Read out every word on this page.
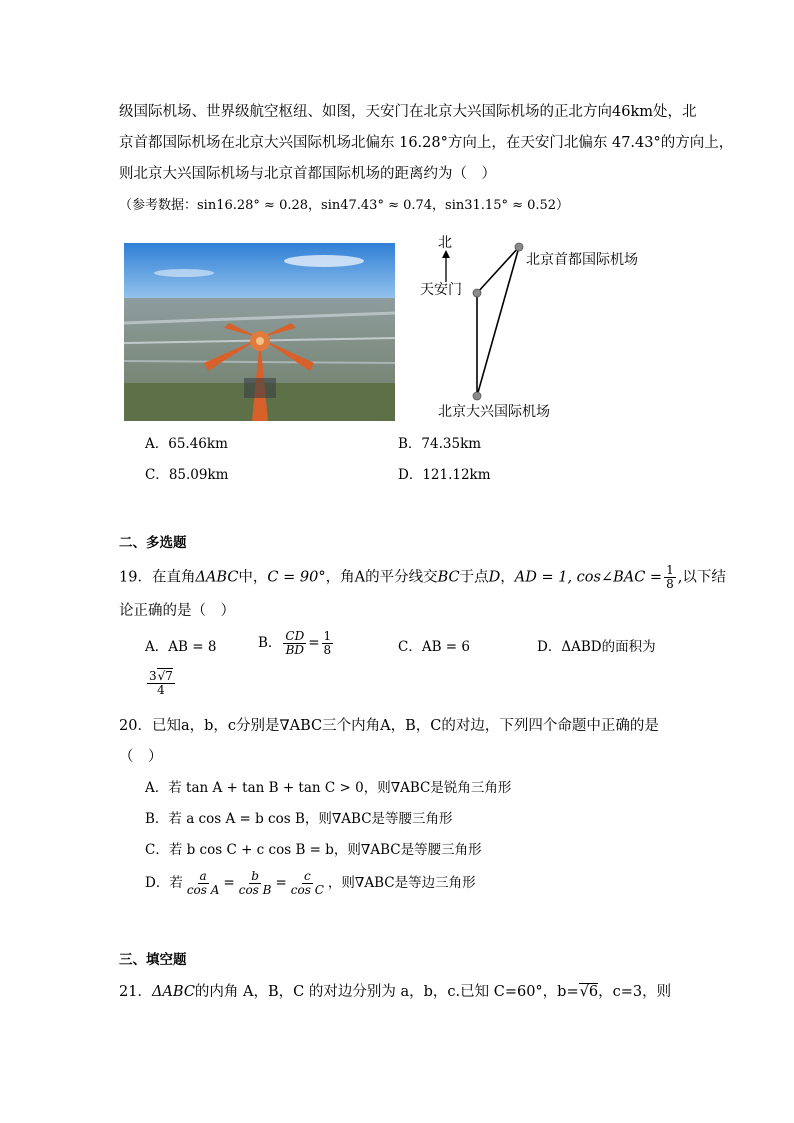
级国际机场、世界级航空枢纽、如图，天安门在北京大兴国际机场的正北方向46km处，北
京首都国际机场在北京大兴国际机场北偏东 16.28°方向上，在天安门北偏东 47.43°的方向上，
则北京大兴国际机场与北京首都国际机场的距离约为（　）
（参考数据：sin16.28° ≈ 0.28，sin47.43° ≈ 0.74，sin31.15° ≈ 0.52）
北
天安门
北京首都国际机场
北京大兴国际机场
A．65.46km	B．74.35km
C．85.09km	D．121.12km
二、多选题
19．在直角ΔABC中，C = 90°，角A的平分线交BC于点D，AD = 1, cos∠BAC = $\frac{1}{8}$ ,以下结
论正确的是（　）
A．AB = 8	B． $\frac{CD}{BD} = \frac{1}{8}$	C．AB = 6	D．ΔABD的面积为
$\frac{3√7}{4}$
20．已知a，b，c分别是∇ABC三个内角A，B，C的对边，下列四个命题中正确的是
（　）
A．若 tan A + tan B + tan C > 0，则∇ABC是锐角三角形
B．若 a cos A = b cos B，则∇ABC是等腰三角形
C．若 b cos C + c cos B = b，则∇ABC是等腰三角形
D．若 $\frac{a}{\text{cos A}} = \frac{b}{\text{cos B}} = \frac{c}{\text{cos C}}$ ，则∇ABC是等边三角形
三、填空题
21．ΔABC的内角 A，B，C 的对边分别为 a，b，c.已知 C=60°，b=√6，c=3，则
